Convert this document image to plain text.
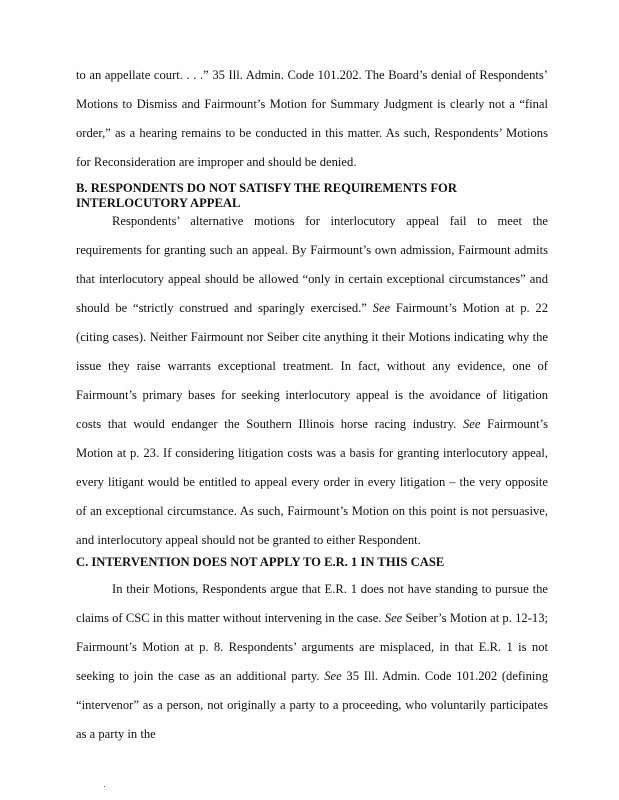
to an appellate court. . . .” 35 Ill. Admin. Code 101.202. The Board’s denial of Respondents’ Motions to Dismiss and Fairmount’s Motion for Summary Judgment is clearly not a “final order,” as a hearing remains to be conducted in this matter. As such, Respondents’ Motions for Reconsideration are improper and should be denied.

B. RESPONDENTS DO NOT SATISFY THE REQUIREMENTS FOR INTERLOCUTORY APPEAL

Respondents’ alternative motions for interlocutory appeal fail to meet the requirements for granting such an appeal. By Fairmount’s own admission, Fairmount admits that interlocutory appeal should be allowed “only in certain exceptional circumstances” and should be “strictly construed and sparingly exercised.” See Fairmount’s Motion at p. 22 (citing cases). Neither Fairmount nor Seiber cite anything it their Motions indicating why the issue they raise warrants exceptional treatment. In fact, without any evidence, one of Fairmount’s primary bases for seeking interlocutory appeal is the avoidance of litigation costs that would endanger the Southern Illinois horse racing industry. See Fairmount’s Motion at p. 23. If considering litigation costs was a basis for granting interlocutory appeal, every litigant would be entitled to appeal every order in every litigation – the very opposite of an exceptional circumstance. As such, Fairmount’s Motion on this point is not persuasive, and interlocutory appeal should not be granted to either Respondent.

C. INTERVENTION DOES NOT APPLY TO E.R. 1 IN THIS CASE

In their Motions, Respondents argue that E.R. 1 does not have standing to pursue the claims of CSC in this matter without intervening in the case. See Seiber’s Motion at p. 12-13; Fairmount’s Motion at p. 8. Respondents’ arguments are misplaced, in that E.R. 1 is not seeking to join the case as an additional party. See 35 Ill. Admin. Code 101.202 (defining “intervenor” as a person, not originally a party to a proceeding, who voluntarily participates as a party in the
